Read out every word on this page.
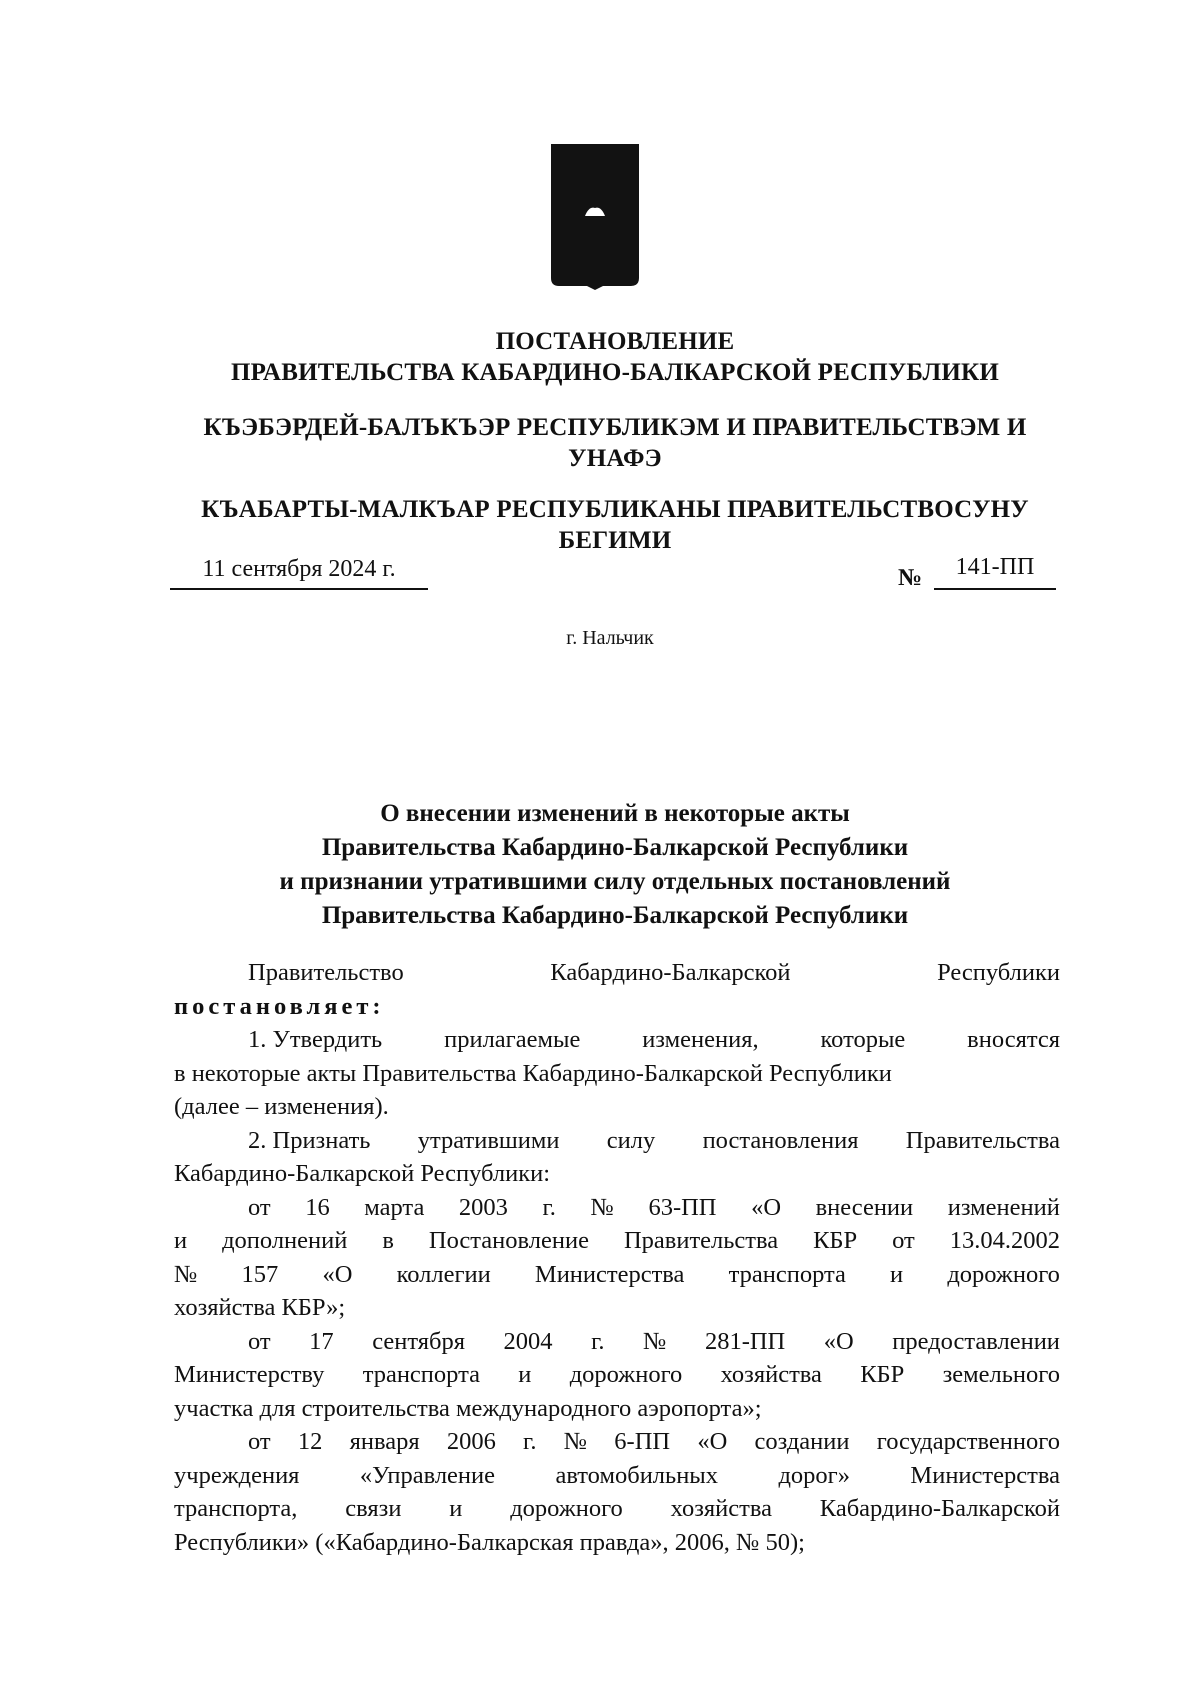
ПОСТАНОВЛЕНИЕ
ПРАВИТЕЛЬСТВА КАБАРДИНО-БАЛКАРСКОЙ РЕСПУБЛИКИ
КЪЭБЭРДЕЙ-БАЛЪКЪЭР РЕСПУБЛИКЭМ И ПРАВИТЕЛЬСТВЭМ И
УНАФЭ
КЪАБАРТЫ-МАЛКЪАР РЕСПУБЛИКАНЫ ПРАВИТЕЛЬСТВОСУНУ
БЕГИМИ
11 сентября 2024 г.	№	141-ПП
г. Нальчик
О внесении изменений в некоторые акты
Правительства Кабардино-Балкарской Республики
и признании утратившими силу отдельных постановлений
Правительства Кабардино-Балкарской Республики
Правительство	Кабардино-Балкарской	Республики
постановляет:
1. Утвердить	прилагаемые	изменения,	которые	вносятся
в некоторые акты Правительства Кабардино-Балкарской Республики
(далее – изменения).
2. Признать утратившими силу постановления Правительства
Кабардино-Балкарской Республики:
от 16 марта 2003 г. № 63-ПП «О внесении изменений
и дополнений в Постановление Правительства КБР от 13.04.2002
№ 157 «О коллегии Министерства транспорта и дорожного
хозяйства КБР»;
от 17 сентября 2004 г. № 281-ПП «О предоставлении
Министерству транспорта и дорожного хозяйства КБР земельного
участка для строительства международного аэропорта»;
от 12 января 2006 г. № 6-ПП «О создании государственного
учреждения «Управление автомобильных дорог» Министерства
транспорта, связи и дорожного хозяйства Кабардино-Балкарской
Республики» («Кабардино-Балкарская правда», 2006, № 50);
